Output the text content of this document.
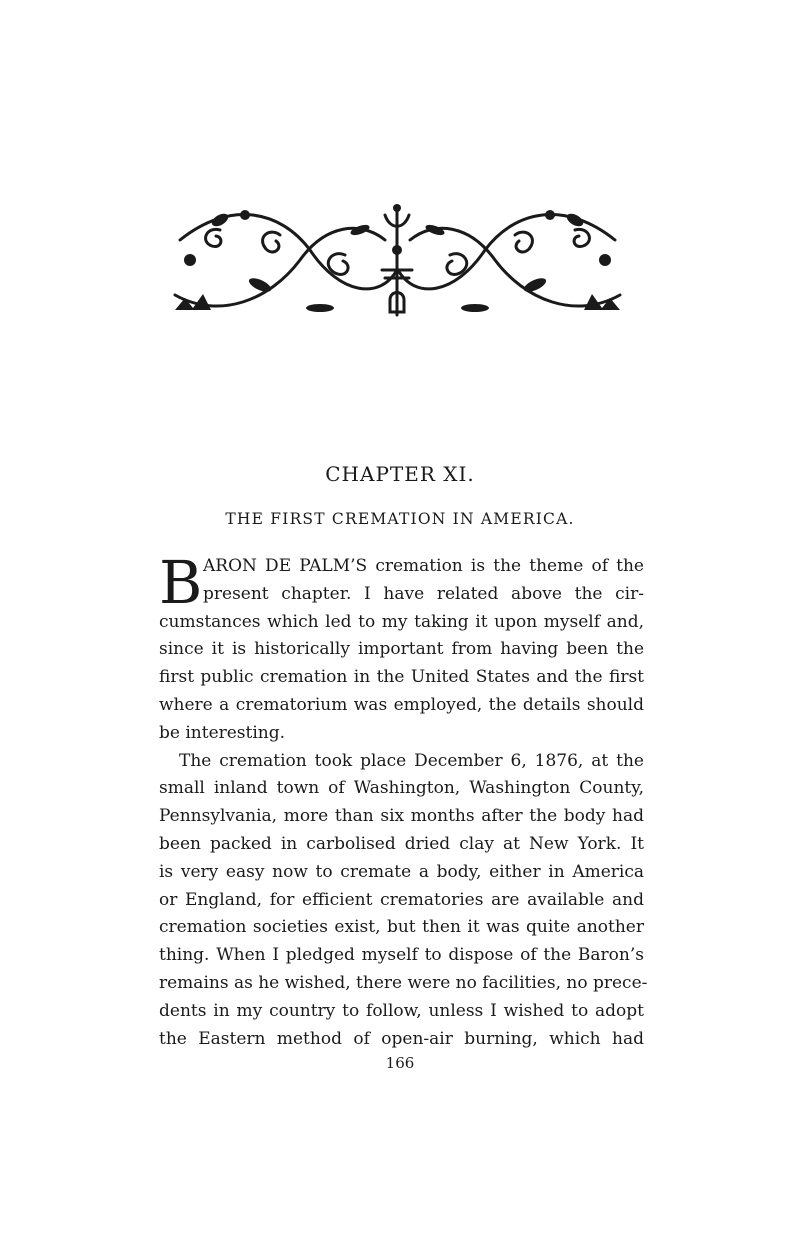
CHAPTER XI.
THE FIRST CREMATION IN AMERICA.
B ARON DE PALM’S cremation is the theme of the
present chapter. I have related above the cir-
cumstances which led to my taking it upon myself and,
since it is historically important from having been the
first public cremation in the United States and the first
where a crematorium was employed, the details should
be interesting.
The cremation took place December 6, 1876, at the
small inland town of Washington, Washington County,
Pennsylvania, more than six months after the body had
been packed in carbolised dried clay at New York. It
is very easy now to cremate a body, either in America
or England, for efficient crematories are available and
cremation societies exist, but then it was quite another
thing. When I pledged myself to dispose of the Baron’s
remains as he wished, there were no facilities, no prece-
dents in my country to follow, unless I wished to adopt
the Eastern method of open-air burning, which had
166
